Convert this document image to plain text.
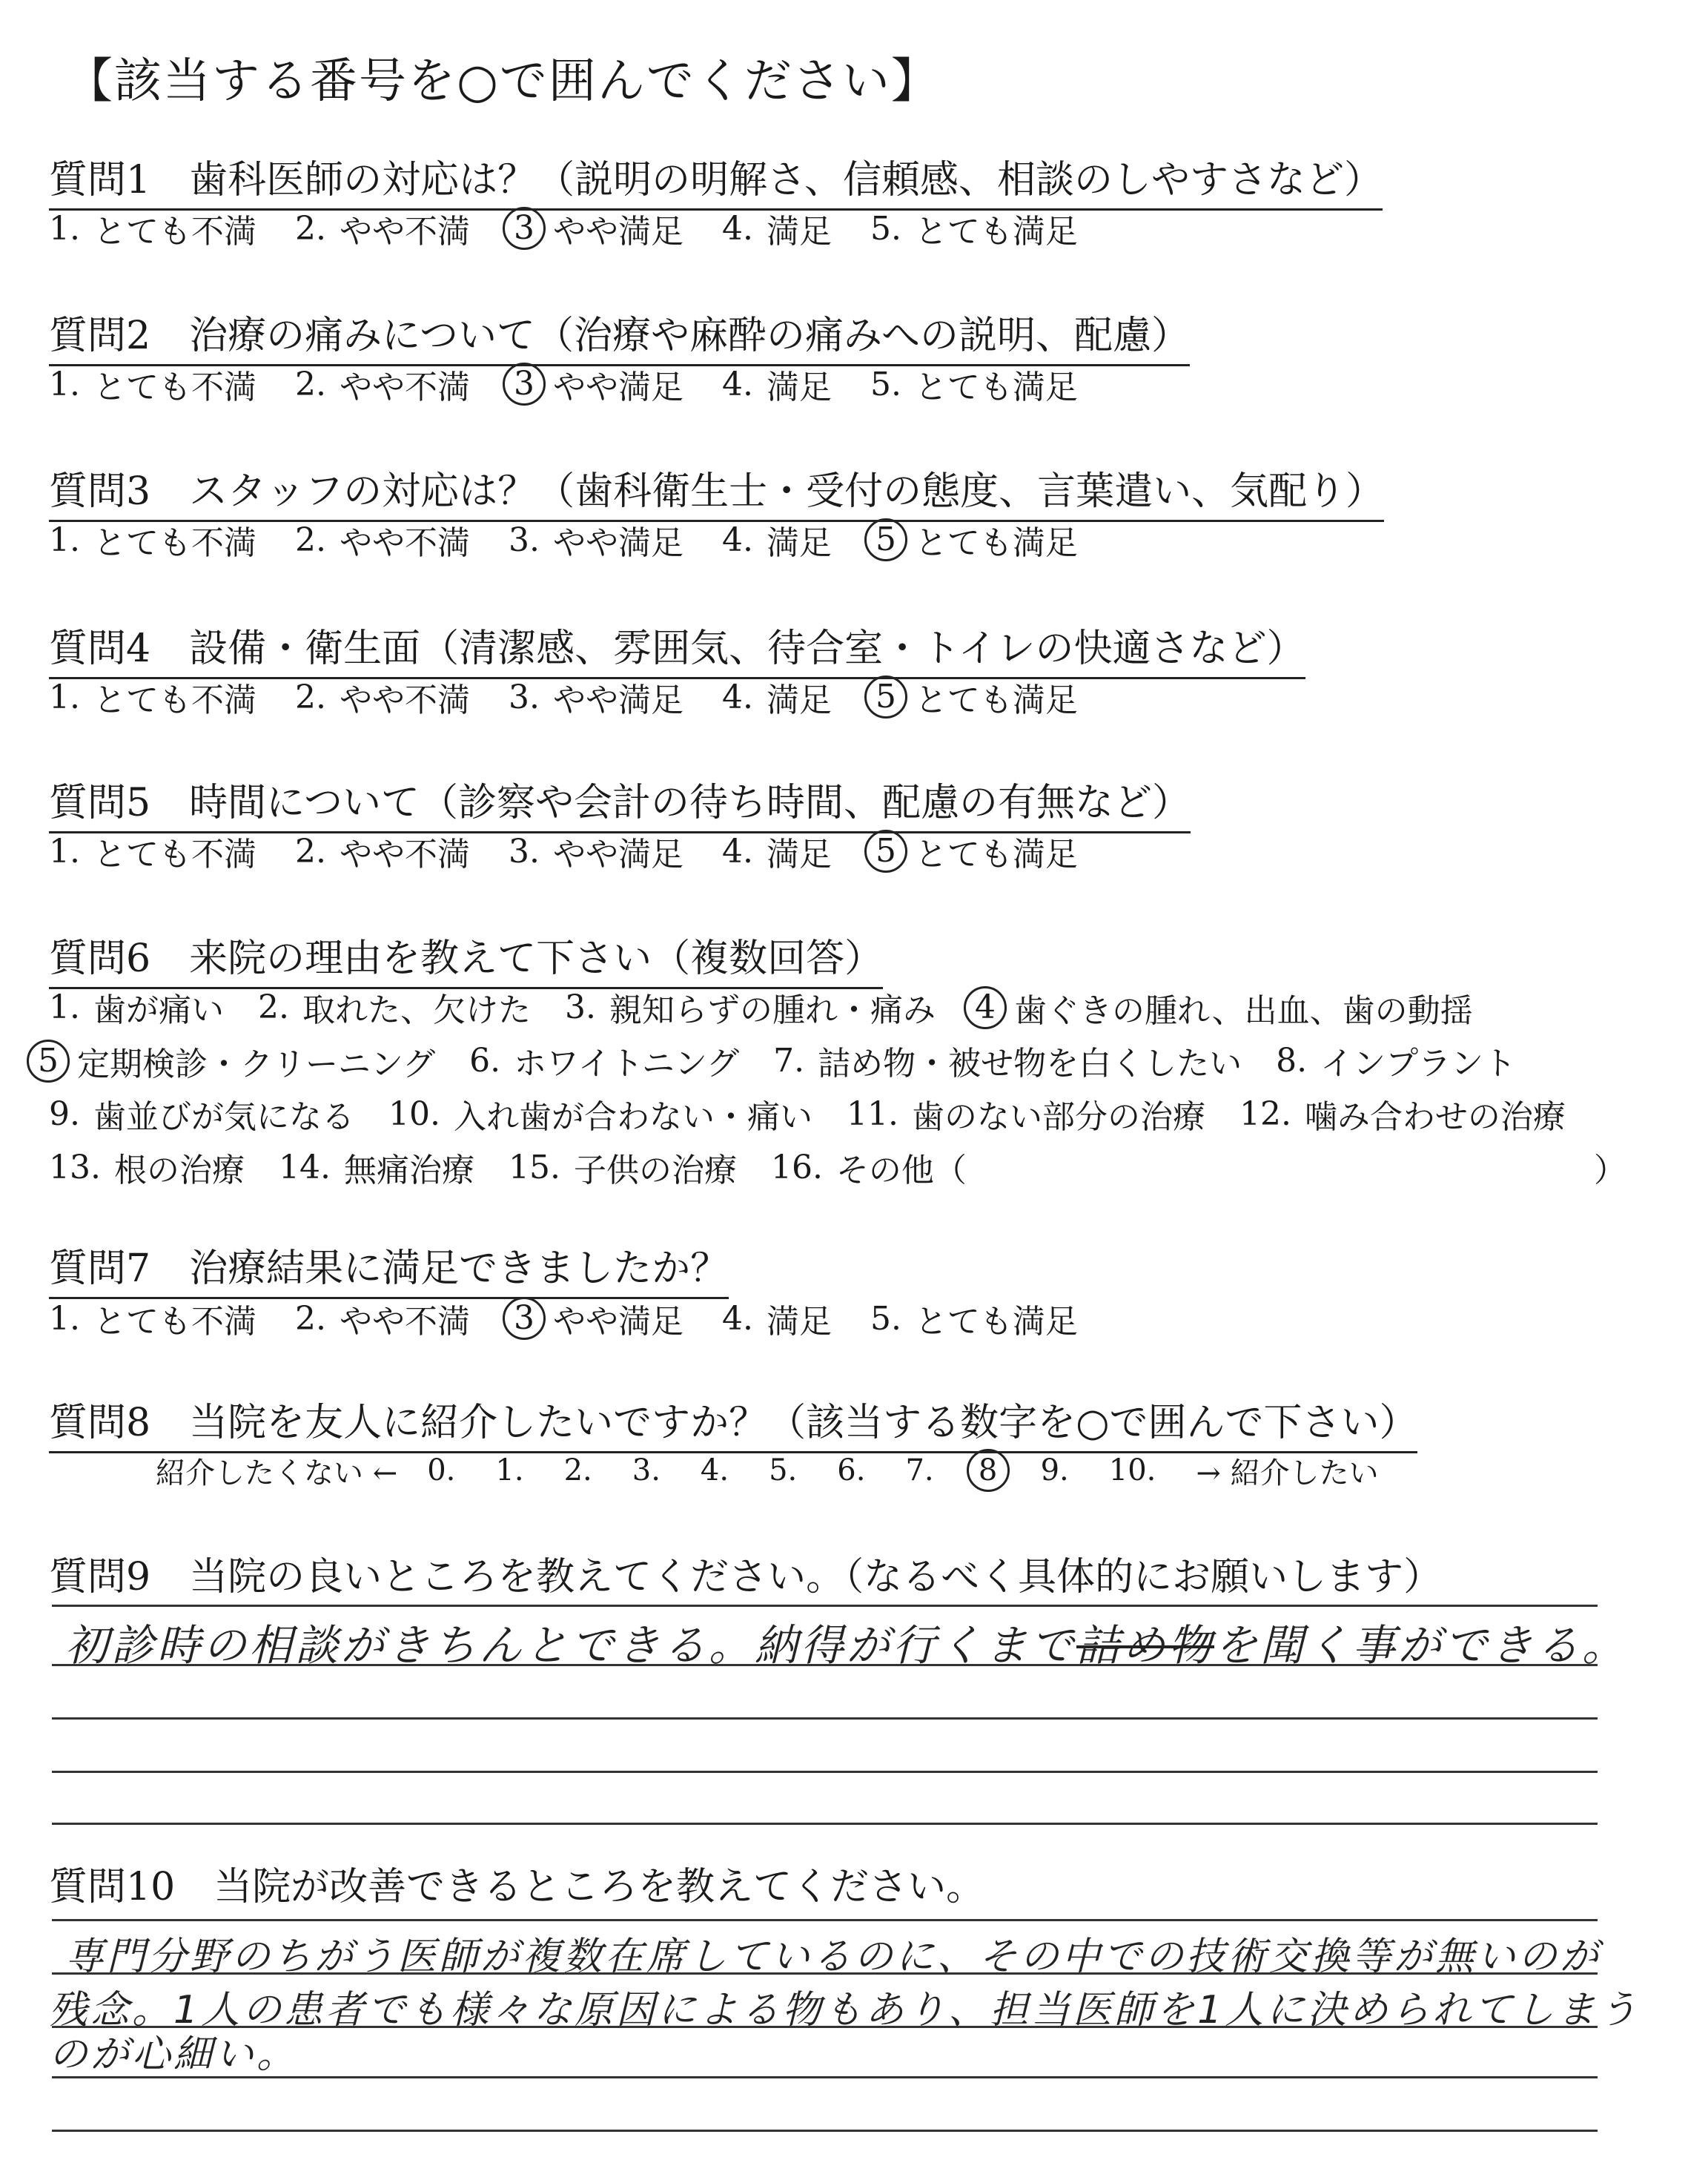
【該当する番号を○で囲んでください】
質問1　歯科医師の対応は？（説明の明解さ、信頼感、相談のしやすさなど）
1. とても不満 2. やや不満	3 やや満足 4. 満足 5. とても満足
質問2　治療の痛みについて（治療や麻酔の痛みへの説明、配慮）
1. とても不満 2. やや不満	3 やや満足 4. 満足 5. とても満足
質問3　スタッフの対応は？（歯科衛生士・受付の態度、言葉遣い、気配り）
1. とても不満 2. やや不満 3. やや満足 4. 満足	5 とても満足
質問4　設備・衛生面（清潔感、雰囲気、待合室・トイレの快適さなど）
1. とても不満 2. やや不満 3. やや満足 4. 満足	5 とても満足
質問5　時間について（診察や会計の待ち時間、配慮の有無など）
1. とても不満 2. やや不満 3. やや満足 4. 満足	5 とても満足
質問6　来院の理由を教えて下さい（複数回答）
1. 歯が痛い 2. 取れた、欠けた 3. 親知らずの腫れ・痛み	4 歯ぐきの腫れ、出血、歯の動揺
5 定期検診・クリーニング 6. ホワイトニング 7. 詰め物・被せ物を白くしたい 8. インプラント
9. 歯並びが気になる 10. 入れ歯が合わない・痛い 11. 歯のない部分の治療 12. 噛み合わせの治療
13. 根の治療 14. 無痛治療 15. 子供の治療 16. その他（	）
質問7　治療結果に満足できましたか？
1. とても不満 2. やや不満	3 やや満足 4. 満足 5. とても満足
質問8　当院を友人に紹介したいですか？（該当する数字を○で囲んで下さい）
紹介したくない ← 0. 1. 2. 3. 4. 5. 6. 7.	8	9. 10. → 紹介したい
質問9　当院の良いところを教えてください。（なるべく具体的にお願いします）
初診時の相談がきちんとできる。納得が行くまで詰め物を聞く事ができる。
質問10　当院が改善できるところを教えてください。
専門分野のちがう医師が複数在席しているのに、その中での技術交換等が無いのが
残念。1人の患者でも様々な原因による物もあり、担当医師を1人に決められてしまう
のが心細い。
